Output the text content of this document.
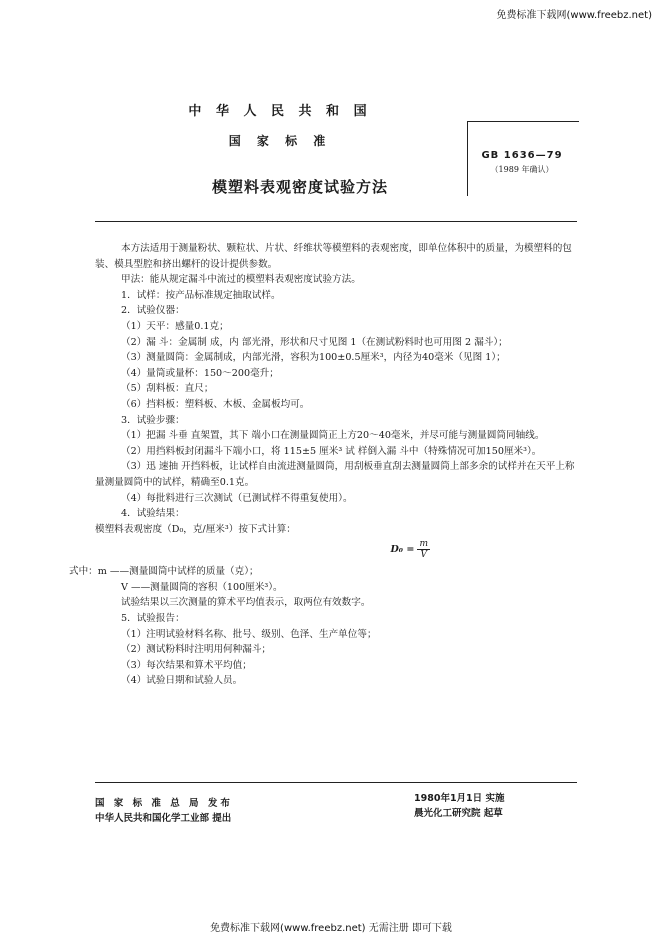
免费标准下载网(www.freebz.net)
中 华 人 民 共 和 国
国 家 标 准
模塑料表观密度试验方法
GB 1636—79
（1989 年确认）

本方法适用于测量粉状、颗粒状、片状、纤维状等模塑料的表观密度，即单位体积中的质量，为模塑料的包装、模具型腔和挤出螺杆的设计提供参数。

甲法：能从规定漏斗中流过的模塑料表观密度试验方法。

1．试样：按产品标准规定抽取试样。

2．试验仪器：

（1）天平：感量0.1克；

（2）漏 斗：金属制 成，内 部光滑，形状和尺寸见图 1（在测试粉料时也可用图 2 漏斗）；

（3）测量圆筒：金属制成，内部光滑，容积为100±0.5厘米³，内径为40毫米（见图 1）；

（4）量筒或量杯：150～200毫升；

（5）刮料板：直尺；

（6）挡料板：塑料板、木板、金属板均可。

3．试验步骤：

（1）把漏 斗垂 直架置，其下 端小口在测量圆筒正上方20～40毫米，并尽可能与测量圆筒同轴线。

（2）用挡料板封闭漏斗下端小口，将 115±5 厘米³ 试 样倒入漏 斗中（特殊情况可加150厘米³）。

（3）迅 速抽 开挡料板，让试样自由流进测量圆筒，用刮板垂直刮去测量圆筒上部多余的试样并在天平上称量测量圆筒中的试样，精确至0.1克。

（4）每批料进行三次测试（已测试样不得重复使用）。

4．试验结果：

模塑料表观密度（D₀，克/厘米³）按下式计算：

$D_0 = \frac{m}{V}$

式中：m ——测量圆筒中试样的质量（克）；

V ——测量圆筒的容积（100厘米³）。

试验结果以三次测量的算术平均值表示，取两位有效数字。

5．试验报告：

（1）注明试验材料名称、批号、级别、色泽、生产单位等；

（2）测试粉料时注明用何种漏斗；

（3）每次结果和算术平均值；

（4）试验日期和试验人员。

国 家 标 准 总 局 发布
中华人民共和国化学工业部 提出
1980年1月1日 实施
晨光化工研究院 起草
免费标准下载网(www.freebz.net) 无需注册 即可下载
